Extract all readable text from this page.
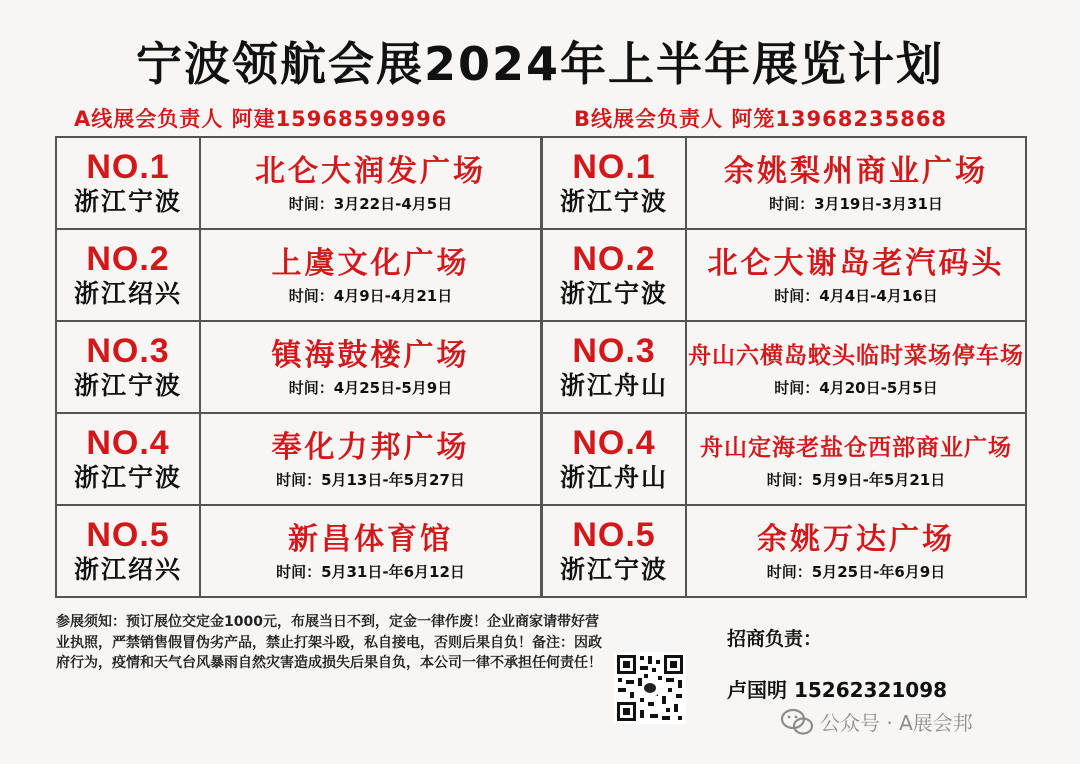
宁波领航会展2024年上半年展览计划
A线展会负责人 阿建15968599996	B线展会负责人 阿笼13968235868
NO.1
浙江宁波
北仑大润发广场
时间：3月22日-4月5日
NO.2
浙江绍兴
上虞文化广场
时间：4月9日-4月21日
NO.3
浙江宁波
镇海鼓楼广场
时间：4月25日-5月9日
NO.4
浙江宁波
奉化力邦广场
时间：5月13日-年5月27日
NO.5
浙江绍兴
新昌体育馆
时间：5月31日-年6月12日
NO.1
浙江宁波
余姚梨州商业广场
时间：3月19日-3月31日
NO.2
浙江宁波
北仑大谢岛老汽码头
时间：4月4日-4月16日
NO.3
浙江舟山
舟山六横岛蛟头临时菜场停车场
时间：4月20日-5月5日
NO.4
浙江舟山
舟山定海老盐仓西部商业广场
时间：5月9日-年5月21日
NO.5
浙江宁波
余姚万达广场
时间：5月25日-年6月9日
参展须知：预订展位交定金1000元，布展当日不到，定金一律作废！企业商家请带好营业执照，严禁销售假冒伪劣产品，禁止打架斗殴，私自接电，否则后果自负！备注：因政府行为，疫情和天气台风暴雨自然灾害造成损失后果自负，本公司一律不承担任何责任！
招商负责：
卢国明 15262321098
公众号 · A展会邦
